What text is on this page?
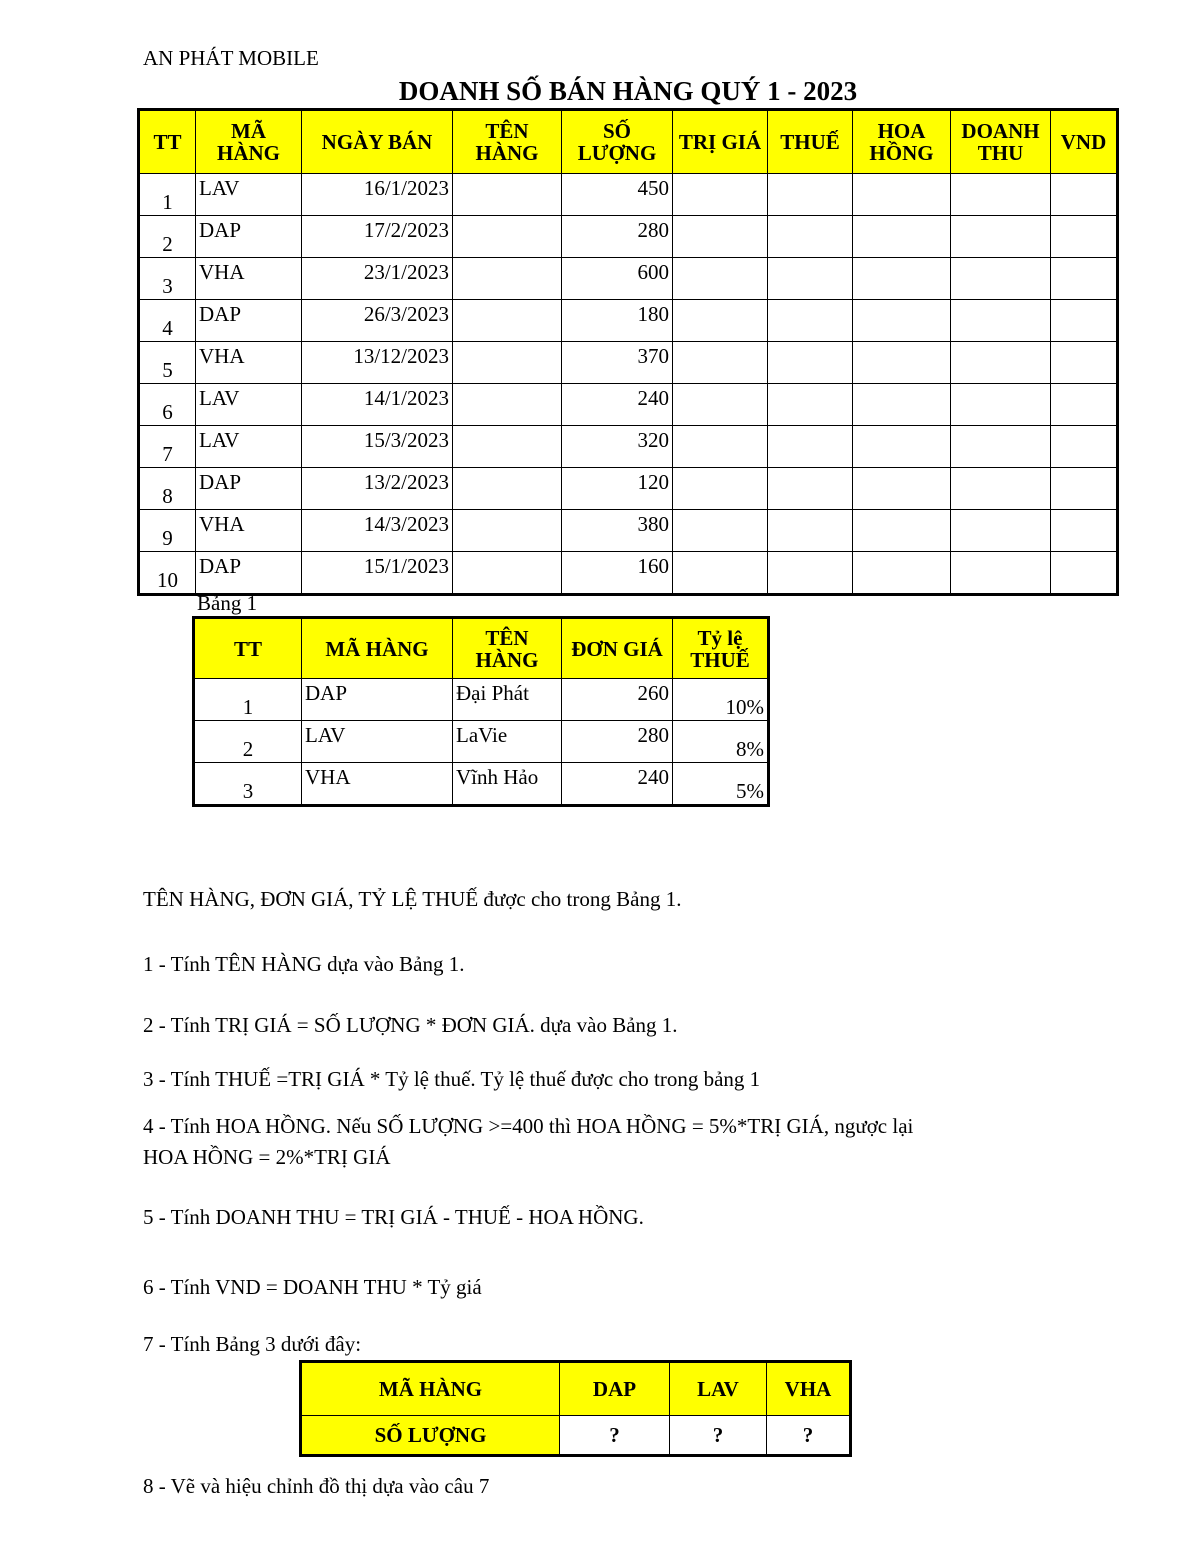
AN PHÁT MOBILE
DOANH SỐ BÁN HÀNG QUÝ 1 - 2023
TT	MÃ HÀNG	NGÀY BÁN	TÊN HÀNG	SỐ LƯỢNG	TRỊ GIÁ	THUẾ	HOA HỒNG	DOANH THU	VND
1	LAV	16/1/2023		450					
2	DAP	17/2/2023		280					
3	VHA	23/1/2023		600					
4	DAP	26/3/2023		180					
5	VHA	13/12/2023		370					
6	LAV	14/1/2023		240					
7	LAV	15/3/2023		320					
8	DAP	13/2/2023		120					
9	VHA	14/3/2023		380					
10	DAP	15/1/2023		160					
Bảng 1
TT	MÃ HÀNG	TÊN HÀNG	ĐƠN GIÁ	Tỷ lệ THUẾ
1	DAP	Đại Phát	260	10%
2	LAV	LaVie	280	8%
3	VHA	Vĩnh Hảo	240	5%
TÊN HÀNG, ĐƠN GIÁ, TỶ LỆ THUẾ được cho trong Bảng 1.
1 - Tính TÊN HÀNG dựa vào Bảng 1.
2 - Tính TRỊ GIÁ = SỐ LƯỢNG * ĐƠN GIÁ. dựa vào Bảng 1.
3 - Tính THUẾ =TRỊ GIÁ * Tỷ lệ thuế. Tỷ lệ thuế được cho trong bảng 1
4 - Tính HOA HỒNG. Nếu SỐ LƯỢNG >=400 thì HOA HỒNG = 5%*TRỊ GIÁ, ngược lại
HOA HỒNG = 2%*TRỊ GIÁ
5 - Tính DOANH THU = TRỊ GIÁ - THUẾ - HOA HỒNG.
6 - Tính VND = DOANH THU * Tỷ giá
7 - Tính Bảng 3 dưới đây:
MÃ HÀNG	DAP	LAV	VHA
SỐ LƯỢNG	?	?	?
8 - Vẽ và hiệu chỉnh đồ thị dựa vào câu 7
